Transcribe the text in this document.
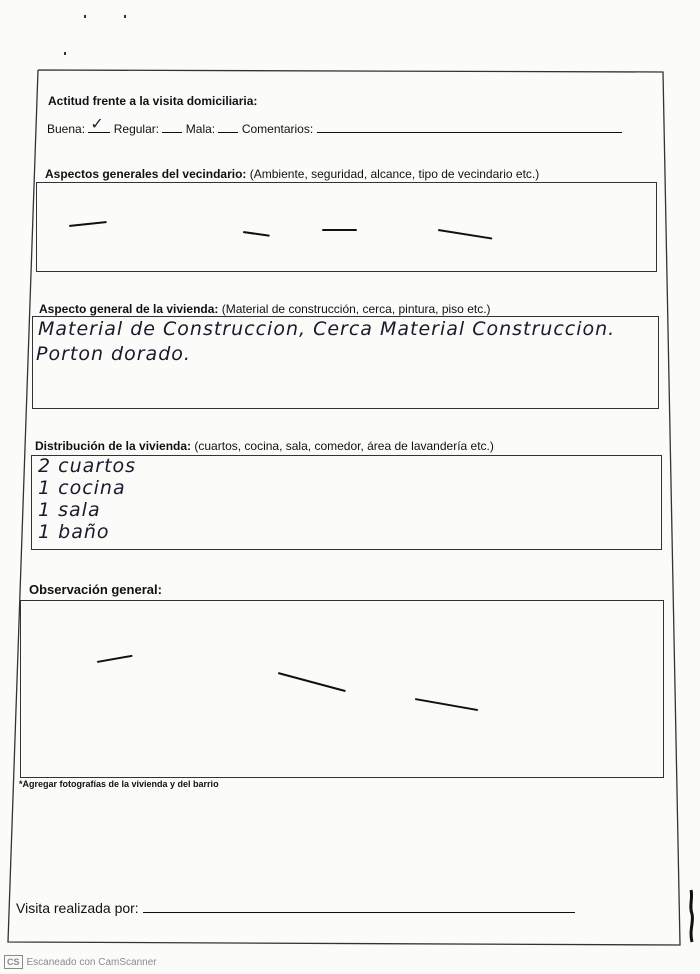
Actitud frente a la visita domiciliaria:
Buena: ✓ Regular: Mala: Comentarios:
Aspectos generales del vecindario: (Ambiente, seguridad, alcance, tipo de vecindario etc.)
Aspecto general de la vivienda: (Material de construcción, cerca, pintura, piso etc.)
Material de Construccion, Cerca Material Construccion.
Porton dorado.
Distribución de la vivienda: (cuartos, cocina, sala, comedor, área de lavandería etc.)
2 cuartos
1 cocina
1 sala
1 baño
Observación general:
*Agregar fotografías de la vivienda y del barrio
Visita realizada por:
CS Escaneado con CamScanner
